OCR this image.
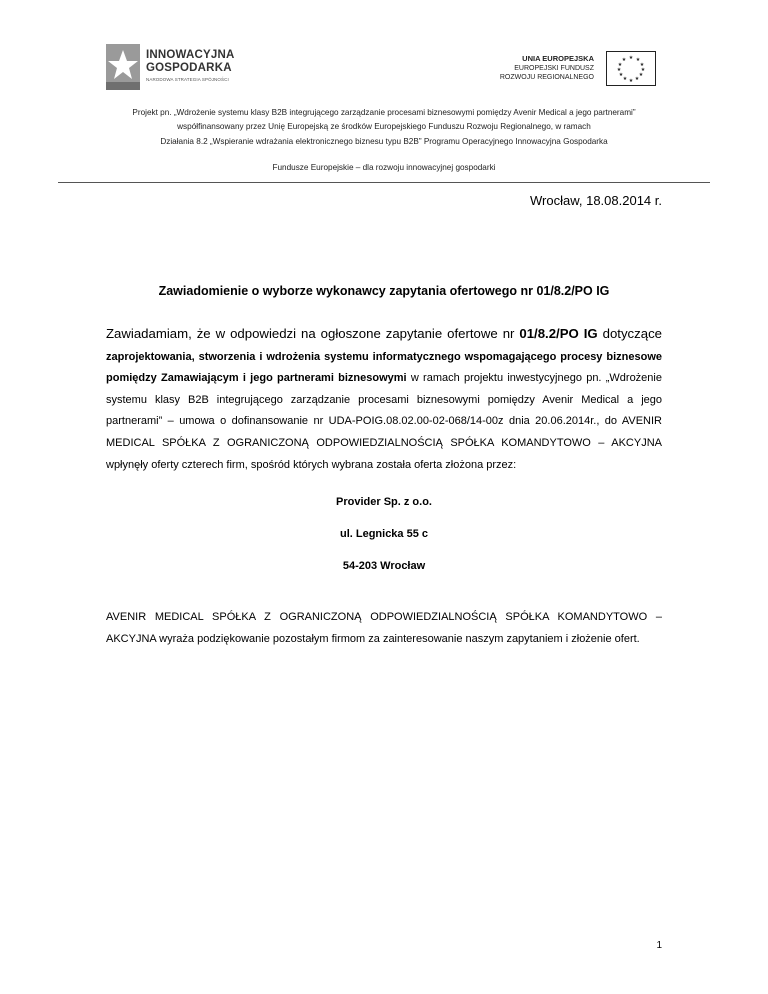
INNOWACYJNA
GOSPODARKA
NARODOWA STRATEGIA SPÓJNOŚCI
UNIA EUROPEJSKA
EUROPEJSKI FUNDUSZ
ROZWOJU REGIONALNEGO
★ ★
★
★
★
★
★
★
★
★
★
★
Projekt pn. „Wdrożenie systemu klasy B2B integrującego zarządzanie procesami biznesowymi pomiędzy Avenir Medical a jego partnerami”
współfinansowany przez Unię Europejską ze środków Europejskiego Funduszu Rozwoju Regionalnego, w ramach
Działania 8.2 „Wspieranie wdrażania elektronicznego biznesu typu B2B” Programu Operacyjnego Innowacyjna Gospodarka
Fundusze Europejskie – dla rozwoju innowacyjnej gospodarki
Wrocław, 18.08.2014 r.
Zawiadomienie o wyborze wykonawcy zapytania ofertowego nr 01/8.2/PO IG
Zawiadamiam, że w odpowiedzi na ogłoszone zapytanie ofertowe nr 01/8.2/PO IG dotyczące zaprojektowania, stworzenia i wdrożenia systemu informatycznego wspomagającego procesy biznesowe pomiędzy Zamawiającym i jego partnerami biznesowymi w ramach projektu inwestycyjnego pn. „Wdrożenie systemu klasy B2B integrującego zarządzanie procesami biznesowymi pomiędzy Avenir Medical a jego partnerami” – umowa o dofinansowanie nr UDA-POIG.08.02.00-02-068/14-00z dnia 20.06.2014r., do AVENIR MEDICAL SPÓŁKA Z OGRANICZONĄ ODPOWIEDZIALNOŚCIĄ SPÓŁKA KOMANDYTOWO – AKCYJNA wpłynęły oferty czterech firm, spośród których wybrana została oferta złożona przez:
Provider Sp. z o.o.
ul. Legnicka 55 c
54-203 Wrocław
AVENIR MEDICAL SPÓŁKA Z OGRANICZONĄ ODPOWIEDZIALNOŚCIĄ SPÓŁKA KOMANDYTOWO – AKCYJNA wyraża podziękowanie pozostałym firmom za zainteresowanie naszym zapytaniem i złożenie ofert.
1
